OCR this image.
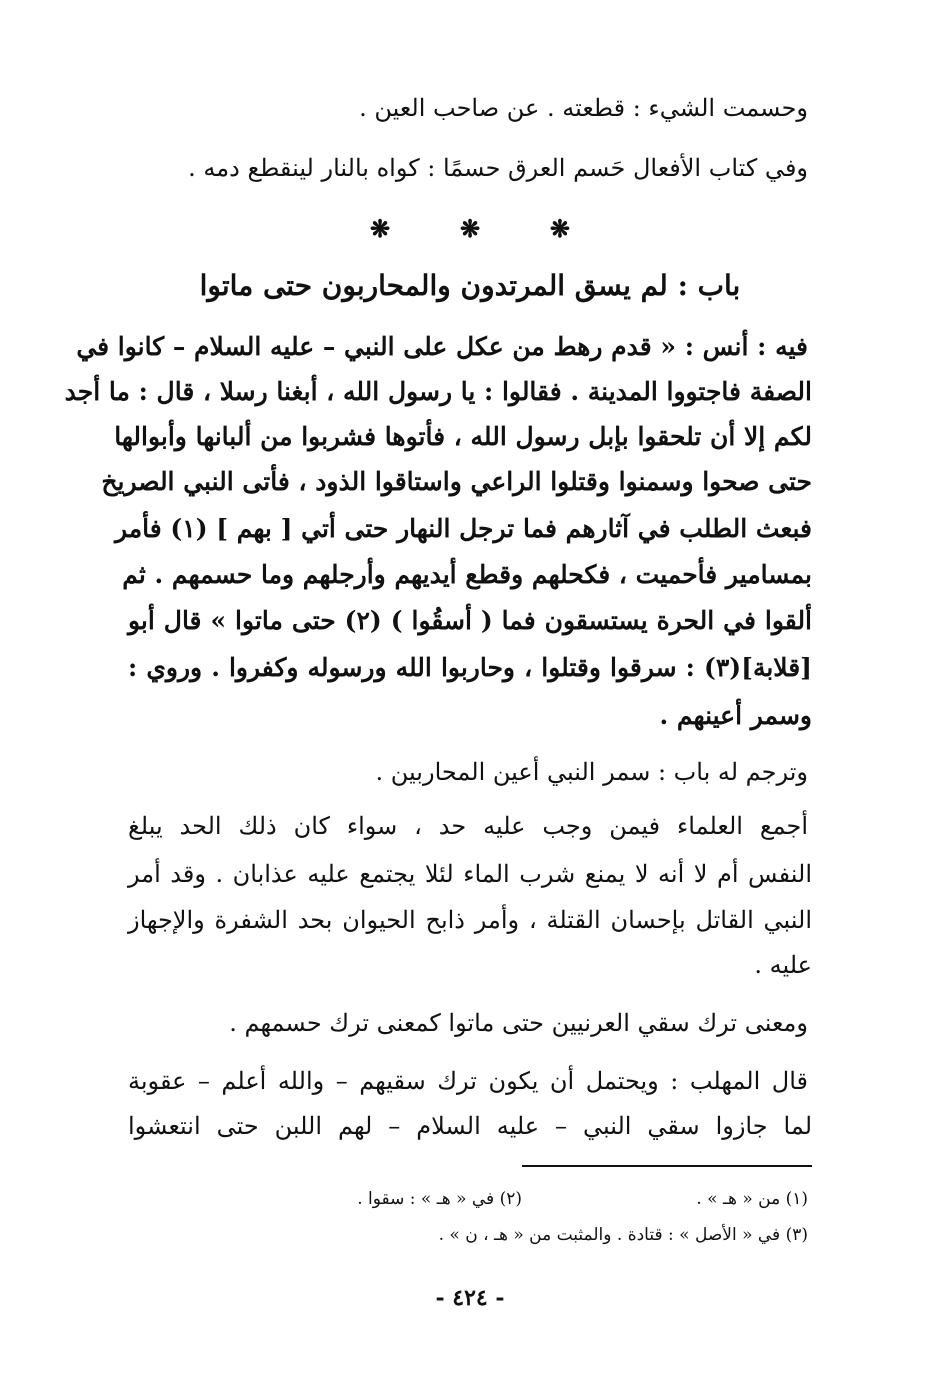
وحسمت الشيء : قطعته . عن صاحب العين .
وفي كتاب الأفعال حَسم العرق حسمًا : كواه بالنار لينقطع دمه .
❋	❋	❋
باب : لم يسق المرتدون والمحاربون حتى ماتوا
فيه : أنس : « قدم رهط من عكل على النبي – عليه السلام – كانوا في
الصفة فاجتووا المدينة . فقالوا : يا رسول الله ، أبغنا رسلا ، قال : ما أجد
لكم إلا أن تلحقوا بإبل رسول الله ، فأتوها فشربوا من ألبانها وأبوالها
حتى صحوا وسمنوا وقتلوا الراعي واستاقوا الذود ، فأتى النبي الصريخ
فبعث الطلب في آثارهم فما ترجل النهار حتى أتي [ بهم ] (١) فأمر
بمسامير فأحميت ، فكحلهم وقطع أيديهم وأرجلهم وما حسمهم . ثم
ألقوا في الحرة يستسقون فما ( أسقُوا ) (٢) حتى ماتوا » قال أبو
[قلابة](٣) : سرقوا وقتلوا ، وحاربوا الله ورسوله وكفروا . وروي :
وسمر أعينهم .
وترجم له باب : سمر النبي أعين المحاربين .
أجمع العلماء فيمن وجب عليه حد ، سواء كان ذلك الحد يبلغ
النفس أم لا أنه لا يمنع شرب الماء لئلا يجتمع عليه عذابان . وقد أمر
النبي القاتل بإحسان القتلة ، وأمر ذابح الحيوان بحد الشفرة والإجهاز
عليه .
ومعنى ترك سقي العرنيين حتى ماتوا كمعنى ترك حسمهم .
قال المهلب : ويحتمل أن يكون ترك سقيهم – والله أعلم – عقوبة
لما جازوا سقي النبي – عليه السلام – لهم اللبن حتى انتعشوا
(١) من « هـ » .
(٢) في « هـ » : سقوا .
(٣) في « الأصل » : قتادة . والمثبت من « هـ ، ن » .
- ٤٢٤ -
